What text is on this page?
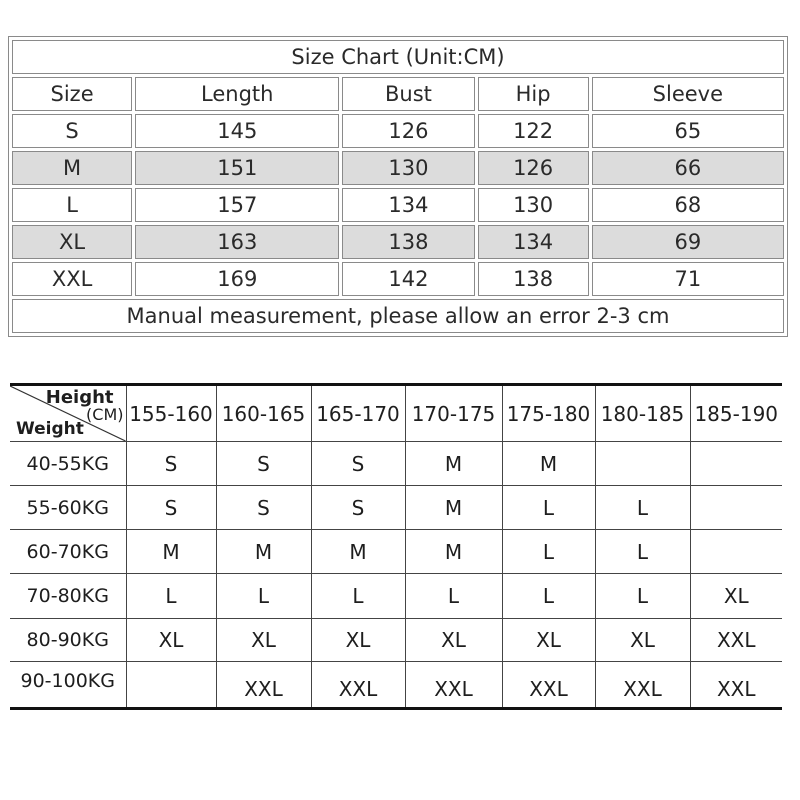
Size Chart (Unit:CM)				
Size	Length	Bust	Hip	Sleeve
S	145	126	122	65
M	151	130	126	66
L	157	134	130	68
XL	163	138	134	69
XXL	169	142	138	71
Manual measurement, please allow an error 2-3 cm				
Height
(CM)
Weight	155-160	160-165	165-170	170-175	175-180	180-185	185-190
40-55KG	S	S	S	M	M		
55-60KG	S	S	S	M	L	L	
60-70KG	M	M	M	M	L	L	
70-80KG	L	L	L	L	L	L	XL
80-90KG	XL	XL	XL	XL	XL	XL	XXL
90-100KG		XXL	XXL	XXL	XXL	XXL	XXL
